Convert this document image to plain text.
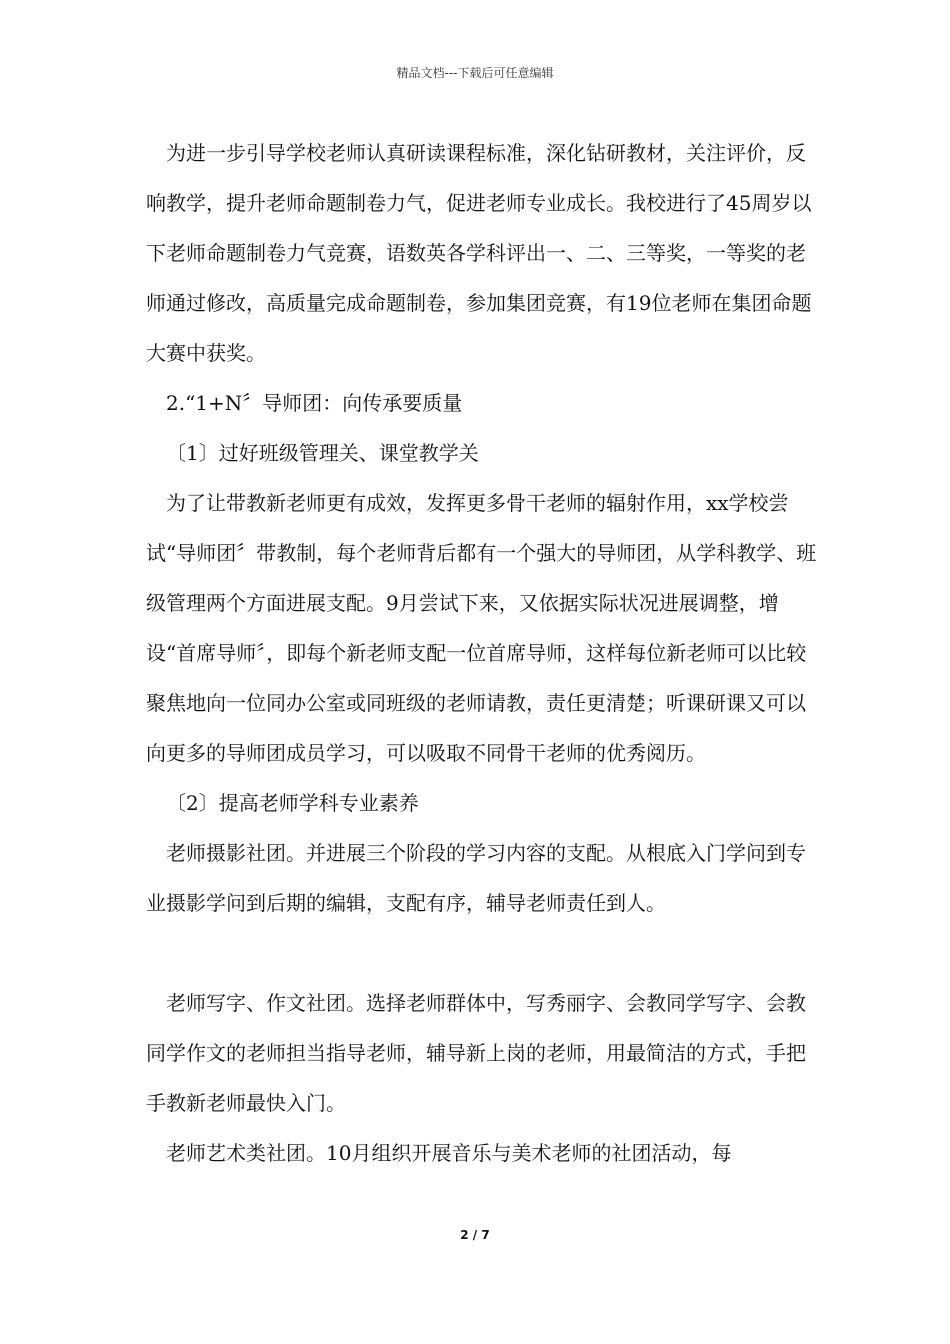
精品文档---下载后可任意编辑

为进一步引导学校老师认真研读课程标准，深化钻研教材，关注评价，反响教学，提升老师命题制卷力气，促进老师专业成长。我校进行了45周岁以下老师命题制卷力气竞赛，语数英各学科评出一、二、三等奖，一等奖的老师通过修改，高质量完成命题制卷，参加集团竞赛，有19位老师在集团命题大赛中获奖。

2.“1+N〞导师团：向传承要质量

〔1〕过好班级管理关、课堂教学关

为了让带教新老师更有成效，发挥更多骨干老师的辐射作用，xx学校尝试“导师团〞带教制，每个老师背后都有一个强大的导师团，从学科教学、班级管理两个方面进展支配。9月尝试下来，又依据实际状况进展调整，增设“首席导师〞，即每个新老师支配一位首席导师，这样每位新老师可以比较聚焦地向一位同办公室或同班级的老师请教，责任更清楚；听课研课又可以向更多的导师团成员学习，可以吸取不同骨干老师的优秀阅历。

〔2〕提高老师学科专业素养

老师摄影社团。并进展三个阶段的学习内容的支配。从根底入门学问到专业摄影学问到后期的编辑，支配有序，辅导老师责任到人。

老师写字、作文社团。选择老师群体中，写秀丽字、会教同学写字、会教同学作文的老师担当指导老师，辅导新上岗的老师，用最简洁的方式，手把手教新老师最快入门。

老师艺术类社团。10月组织开展音乐与美术老师的社团活动，每

2 / 7
